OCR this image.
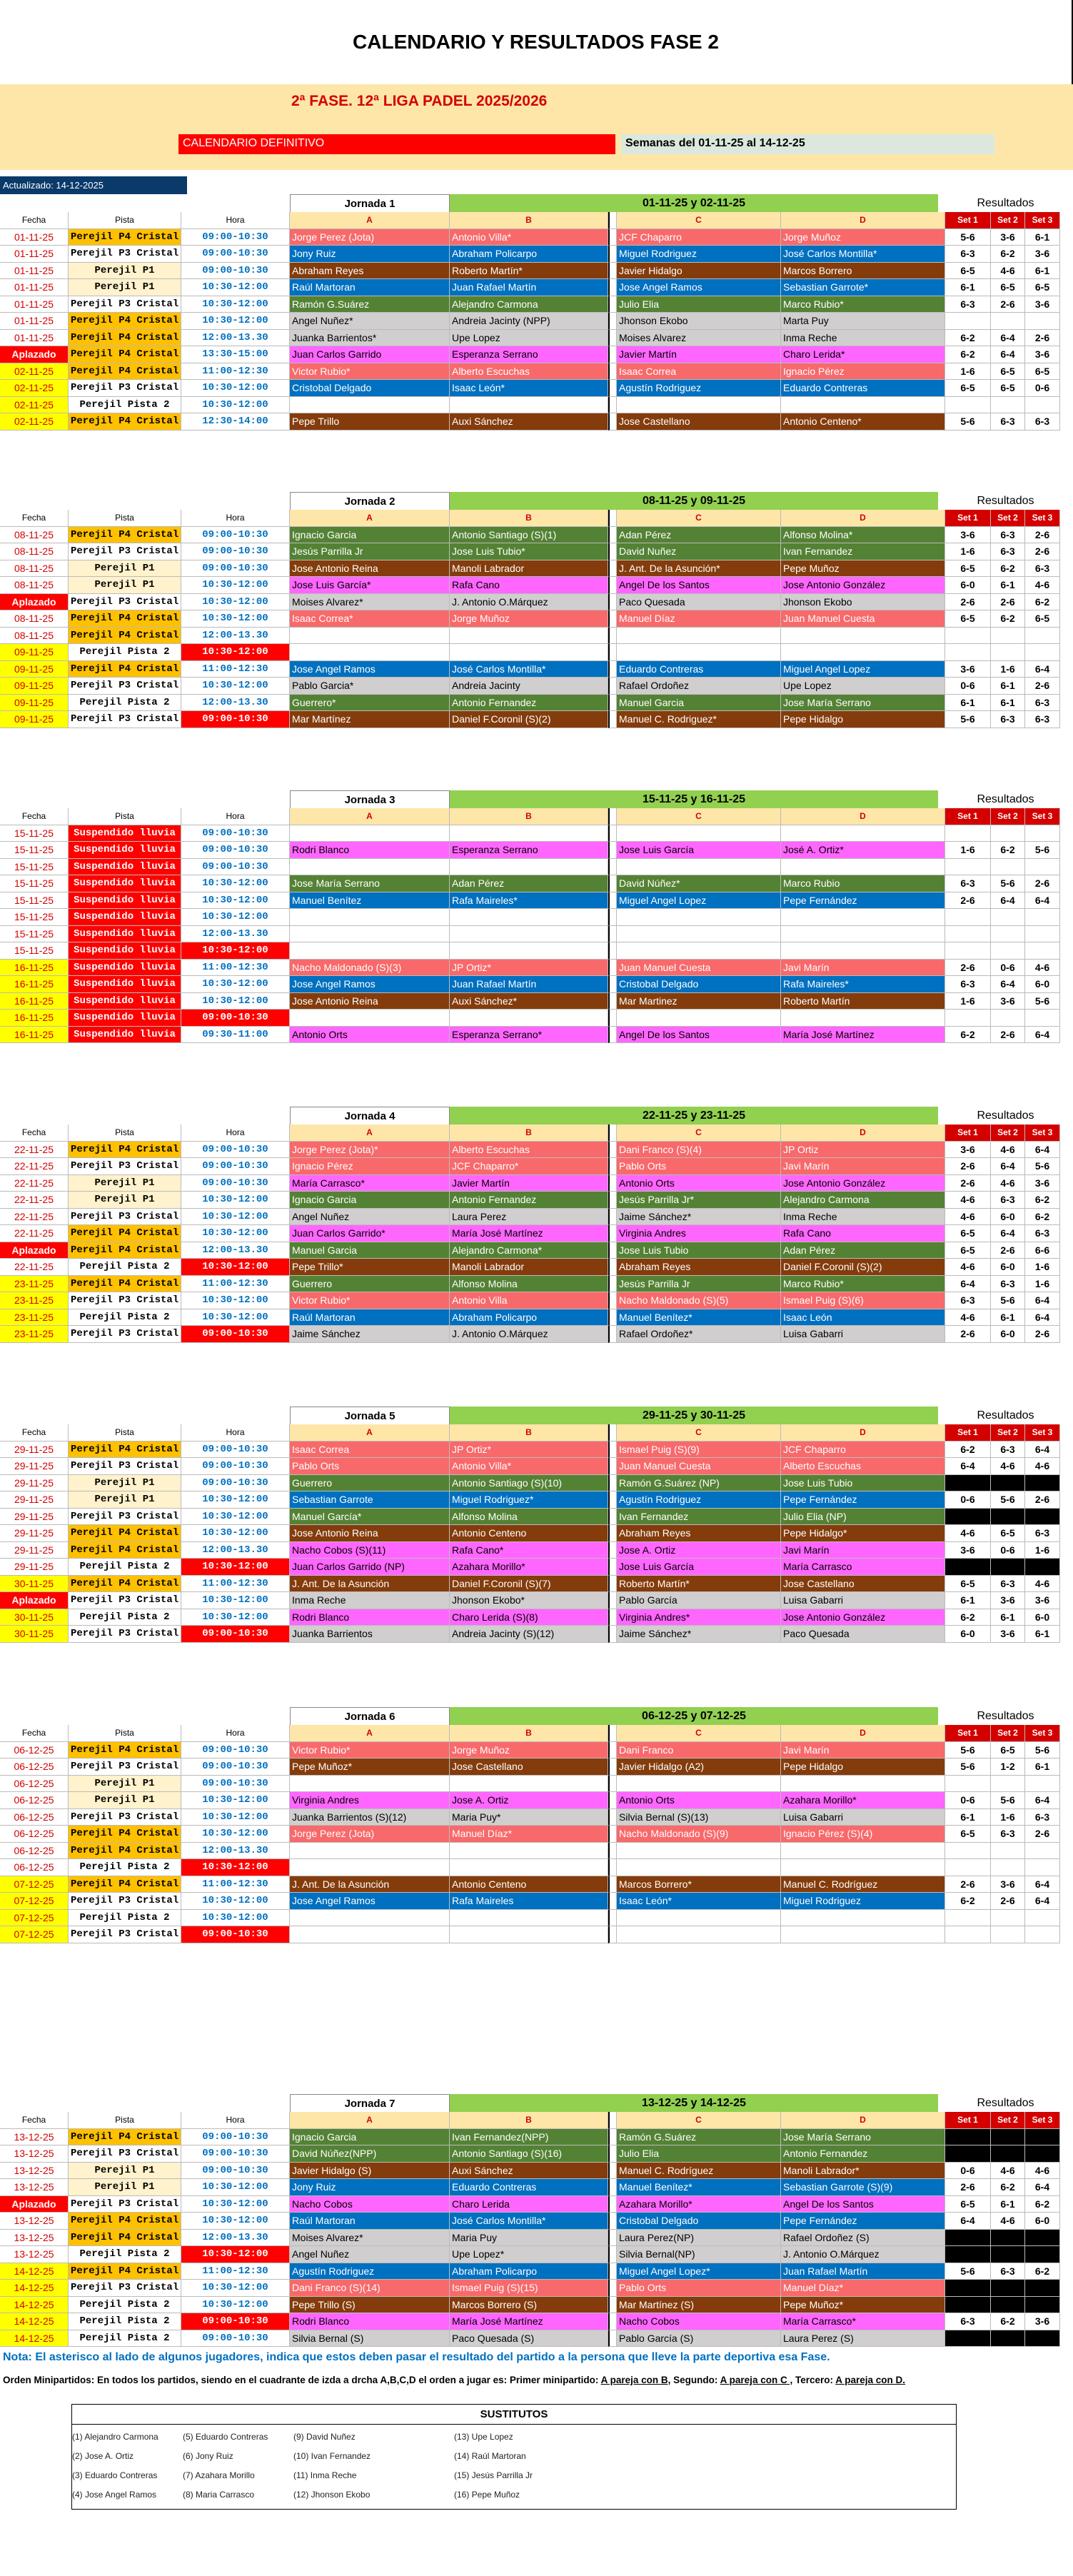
CALENDARIO Y RESULTADOS FASE 2
2ª FASE. 12ª LIGA PADEL 2025/2026
CALENDARIO DEFINITIVO	Semanas del 01-11-25 al 14-12-25
Jornada 1	01-11-25 y 02-11-25	Resultados
Fecha	Pista	Hora	A	B	C	D	Set 1	Set 2	Set 3
01-11-25	Perejil P4 Cristal	09:00-10:30	Jorge Perez (Jota)	Antonio Villa*	JCF Chaparro	Jorge Muñoz	5-6	3-6	6-1
01-11-25	Perejil P3 Cristal	09:00-10:30	Jony Ruiz	Abraham Policarpo	Miguel Rodriguez	José Carlos Montilla*	6-3	6-2	3-6
01-11-25	Perejil P1	09:00-10:30	Abraham Reyes	Roberto Martín*	Javier Hidalgo	Marcos Borrero	6-5	4-6	6-1
01-11-25	Perejil P1	10:30-12:00	Raúl Martoran	Juan Rafael Martín	Jose Angel Ramos	Sebastian Garrote*	6-1	6-5	6-5
01-11-25	Perejil P3 Cristal	10:30-12:00	Ramón G.Suárez	Alejandro Carmona	Julio Elia	Marco Rubio*	6-3	2-6	3-6
01-11-25	Perejil P4 Cristal	10:30-12:00	Angel Nuñez*	Andreia Jacinty (NPP)	Jhonson Ekobo	Marta Puy
01-11-25	Perejil P4 Cristal	12:00-13.30	Juanka Barrientos*	Upe Lopez	Moises Alvarez	Inma Reche	6-2	6-4	2-6
Aplazado	Perejil P4 Cristal	13:30-15:00	Juan Carlos Garrido	Esperanza Serrano	Javier Martín	Charo Lerida*	6-2	6-4	3-6
02-11-25	Perejil P4 Cristal	11:00-12:30	Victor Rubio*	Alberto Escuchas	Isaac Correa	Ignacio Pérez	1-6	6-5	6-5
02-11-25	Perejil P3 Cristal	10:30-12:00	Cristobal Delgado	Isaac León*	Agustín Rodriguez	Eduardo Contreras	6-5	6-5	0-6
02-11-25	Perejil Pista 2	10:30-12:00
02-11-25	Perejil P4 Cristal	12:30-14:00	Pepe Trillo	Auxi Sánchez	Jose Castellano	Antonio Centeno*	5-6	6-3	6-3
Jornada 2	08-11-25 y 09-11-25	Resultados
Fecha	Pista	Hora	A	B	C	D	Set 1	Set 2	Set 3
08-11-25	Perejil P4 Cristal	09:00-10:30	Ignacio Garcia	Antonio Santiago (S)(1)	Adan Pérez	Alfonso Molina*	3-6	6-3	2-6
08-11-25	Perejil P3 Cristal	09:00-10:30	Jesús Parrilla Jr	Jose Luis Tubio*	David Nuñez	Ivan Fernandez	1-6	6-3	2-6
08-11-25	Perejil P1	09:00-10:30	Jose Antonio Reina	Manoli Labrador	J. Ant. De la Asunción*	Pepe Muñoz	6-5	6-2	6-3
08-11-25	Perejil P1	10:30-12:00	Jose Luis García*	Rafa Cano	Angel De los Santos	Jose Antonio González	6-0	6-1	4-6
Aplazado	Perejil P3 Cristal	10:30-12:00	Moises Alvarez*	J. Antonio O.Márquez	Paco Quesada	Jhonson Ekobo	2-6	2-6	6-2
08-11-25	Perejil P4 Cristal	10:30-12:00	Isaac Correa*	Jorge Muñoz	Manuel Díaz	Juan Manuel Cuesta	6-5	6-2	6-5
08-11-25	Perejil P4 Cristal	12:00-13.30
09-11-25	Perejil Pista 2	10:30-12:00
09-11-25	Perejil P4 Cristal	11:00-12:30	Jose Angel Ramos	José Carlos Montilla*	Eduardo Contreras	Miguel Angel Lopez	3-6	1-6	6-4
09-11-25	Perejil P3 Cristal	10:30-12:00	Pablo Garcia*	Andreia Jacinty	Rafael Ordoñez	Upe Lopez	0-6	6-1	2-6
09-11-25	Perejil Pista 2	12:00-13.30	Guerrero*	Antonio Fernandez	Manuel Garcia	Jose María Serrano	6-1	6-1	6-3
09-11-25	Perejil P3 Cristal	09:00-10:30	Mar Martínez	Daniel F.Coronil (S)(2)	Manuel C. Rodriguez*	Pepe Hidalgo	5-6	6-3	6-3
Jornada 3	15-11-25 y 16-11-25	Resultados
Fecha	Pista	Hora	A	B	C	D	Set 1	Set 2	Set 3
15-11-25	Suspendido lluvia	09:00-10:30
15-11-25	Suspendido lluvia	09:00-10:30	Rodri Blanco	Esperanza Serrano	Jose Luis García	José A. Ortiz*	1-6	6-2	5-6
15-11-25	Suspendido lluvia	09:00-10:30
15-11-25	Suspendido lluvia	10:30-12:00	Jose María Serrano	Adan Pérez	David Núñez*	Marco Rubio	6-3	5-6	2-6
15-11-25	Suspendido lluvia	10:30-12:00	Manuel Benítez	Rafa Maireles*	Miguel Angel Lopez	Pepe Fernández	2-6	6-4	6-4
15-11-25	Suspendido lluvia	10:30-12:00
15-11-25	Suspendido lluvia	12:00-13.30
15-11-25	Suspendido lluvia	10:30-12:00
16-11-25	Suspendido lluvia	11:00-12:30	Nacho Maldonado (S)(3)	JP Ortiz*	Juan Manuel Cuesta	Javi Marín	2-6	0-6	4-6
16-11-25	Suspendido lluvia	10:30-12:00	Jose Angel Ramos	Juan Rafael Martín	Cristobal Delgado	Rafa Maireles*	6-3	6-4	6-0
16-11-25	Suspendido lluvia	10:30-12:00	Jose Antonio Reina	Auxi Sánchez*	Mar Martinez	Roberto Martín	1-6	3-6	5-6
16-11-25	Suspendido lluvia	09:00-10:30
16-11-25	Suspendido lluvia	09:30-11:00	Antonio Orts	Esperanza Serrano*	Angel De los Santos	María José Martínez	6-2	2-6	6-4
Jornada 4	22-11-25 y 23-11-25	Resultados
Fecha	Pista	Hora	A	B	C	D	Set 1	Set 2	Set 3
22-11-25	Perejil P4 Cristal	09:00-10:30	Jorge Perez (Jota)*	Alberto Escuchas	Dani Franco (S)(4)	JP Ortiz	3-6	4-6	6-4
22-11-25	Perejil P3 Cristal	09:00-10:30	Ignacio Pérez	JCF Chaparro*	Pablo Orts	Javi Marín	2-6	6-4	5-6
22-11-25	Perejil P1	09:00-10:30	María Carrasco*	Javier Martín	Antonio Orts	Jose Antonio González	2-6	4-6	3-6
22-11-25	Perejil P1	10:30-12:00	Ignacio Garcia	Antonio Fernandez	Jesús Parrilla Jr*	Alejandro Carmona	4-6	6-3	6-2
22-11-25	Perejil P3 Cristal	10:30-12:00	Angel Nuñez	Laura Perez	Jaime Sánchez*	Inma Reche	4-6	6-0	6-2
22-11-25	Perejil P4 Cristal	10:30-12:00	Juan Carlos Garrido*	María José Martínez	Virginia Andres	Rafa Cano	6-5	6-4	6-3
Aplazado	Perejil P4 Cristal	12:00-13.30	Manuel Garcia	Alejandro Carmona*	Jose Luis Tubio	Adan Pérez	6-5	2-6	6-6
22-11-25	Perejil Pista 2	10:30-12:00	Pepe Trillo*	Manoli Labrador	Abraham Reyes	Daniel F.Coronil (S)(2)	4-6	6-0	1-6
23-11-25	Perejil P4 Cristal	11:00-12:30	Guerrero	Alfonso Molina	Jesús Parrilla Jr	Marco Rubio*	6-4	6-3	1-6
23-11-25	Perejil P3 Cristal	10:30-12:00	Victor Rubio*	Antonio Villa	Nacho Maldonado (S)(5)	Ismael Puig (S)(6)	6-3	5-6	6-4
23-11-25	Perejil Pista 2	10:30-12:00	Raúl Martoran	Abraham Policarpo	Manuel Benítez*	Isaac León	4-6	6-1	6-4
23-11-25	Perejil P3 Cristal	09:00-10:30	Jaime Sánchez	J. Antonio O.Márquez	Rafael Ordoñez*	Luisa Gabarri	2-6	6-0	2-6
Jornada 5	29-11-25 y 30-11-25	Resultados
Fecha	Pista	Hora	A	B	C	D	Set 1	Set 2	Set 3
29-11-25	Perejil P4 Cristal	09:00-10:30	Isaac Correa	JP Ortiz*	Ismael Puig (S)(9)	JCF Chaparro	6-2	6-3	6-4
29-11-25	Perejil P3 Cristal	09:00-10:30	Pablo Orts	Antonio Villa*	Juan Manuel Cuesta	Alberto Escuchas	6-4	4-6	4-6
29-11-25	Perejil P1	09:00-10:30	Guerrero	Antonio Santiago (S)(10)	Ramón G.Suárez (NP)	Jose Luis Tubio
29-11-25	Perejil P1	10:30-12:00	Sebastian Garrote	Miguel Rodriguez*	Agustín Rodriguez	Pepe Fernández	0-6	5-6	2-6
29-11-25	Perejil P3 Cristal	10:30-12:00	Manuel García*	Alfonso Molina	Ivan Fernandez	Julio Elia (NP)
29-11-25	Perejil P4 Cristal	10:30-12:00	Jose Antonio Reina	Antonio Centeno	Abraham Reyes	Pepe Hidalgo*	4-6	6-5	6-3
29-11-25	Perejil P4 Cristal	12:00-13.30	Nacho Cobos (S)(11)	Rafa Cano*	Jose A. Ortiz	Javi Marín	3-6	0-6	1-6
29-11-25	Perejil Pista 2	10:30-12:00	Juan Carlos Garrido (NP)	Azahara Morillo*	Jose Luis García	María Carrasco
30-11-25	Perejil P4 Cristal	11:00-12:30	J. Ant. De la Asunción	Daniel F.Coronil (S)(7)	Roberto Martín*	Jose Castellano	6-5	6-3	4-6
Aplazado	Perejil P3 Cristal	10:30-12:00	Inma Reche	Jhonson Ekobo*	Pablo García	Luisa Gabarri	6-1	3-6	3-6
30-11-25	Perejil Pista 2	10:30-12:00	Rodri Blanco	Charo Lerida (S)(8)	Virginia Andres*	Jose Antonio González	6-2	6-1	6-0
30-11-25	Perejil P3 Cristal	09:00-10:30	Juanka Barrientos	Andreia Jacinty (S)(12)	Jaime Sánchez*	Paco Quesada	6-0	3-6	6-1
Jornada 6	06-12-25 y 07-12-25	Resultados
Fecha	Pista	Hora	A	B	C	D	Set 1	Set 2	Set 3
06-12-25	Perejil P4 Cristal	09:00-10:30	Victor Rubio*	Jorge Muñoz	Dani Franco	Javi Marín	5-6	6-5	5-6
06-12-25	Perejil P3 Cristal	09:00-10:30	Pepe Muñoz*	Jose Castellano	Javier Hidalgo (A2)	Pepe Hidalgo	5-6	1-2	6-1
06-12-25	Perejil P1	09:00-10:30
06-12-25	Perejil P1	10:30-12:00	Virginia Andres	Jose A. Ortiz	Antonio Orts	Azahara Morillo*	0-6	5-6	6-4
06-12-25	Perejil P3 Cristal	10:30-12:00	Juanka Barrientos (S)(12)	Maria Puy*	Silvia Bernal (S)(13)	Luisa Gabarri	6-1	1-6	6-3
06-12-25	Perejil P4 Cristal	10:30-12:00	Jorge Perez (Jota)	Manuel Díaz*	Nacho Maldonado (S)(9)	Ignacio Pérez (S)(4)	6-5	6-3	2-6
06-12-25	Perejil P4 Cristal	12:00-13.30
06-12-25	Perejil Pista 2	10:30-12:00
07-12-25	Perejil P4 Cristal	11:00-12:30	J. Ant. De la Asunción	Antonio Centeno	Marcos Borrero*	Manuel C. Rodríguez	2-6	3-6	6-4
07-12-25	Perejil P3 Cristal	10:30-12:00	Jose Angel Ramos	Rafa Maireles	Isaac León*	Miguel Rodriguez	6-2	2-6	6-4
07-12-25	Perejil Pista 2	10:30-12:00
07-12-25	Perejil P3 Cristal	09:00-10:30
Jornada 7	13-12-25 y 14-12-25	Resultados
Fecha	Pista	Hora	A	B	C	D	Set 1	Set 2	Set 3
13-12-25	Perejil P4 Cristal	09:00-10:30	Ignacio Garcia	Ivan Fernandez(NPP)	Ramón G.Suárez	Jose María Serrano
13-12-25	Perejil P3 Cristal	09:00-10:30	David Núñez(NPP)	Antonio Santiago (S)(16)	Julio Elia	Antonio Fernandez
13-12-25	Perejil P1	09:00-10:30	Javier Hidalgo (S)	Auxi Sánchez	Manuel C. Rodríguez	Manoli Labrador*	0-6	4-6	4-6
13-12-25	Perejil P1	10:30-12:00	Jony Ruiz	Eduardo Contreras	Manuel Benítez*	Sebastian Garrote (S)(9)	2-6	6-2	6-4
Aplazado	Perejil P3 Cristal	10:30-12:00	Nacho Cobos	Charo Lerida	Azahara Morillo*	Angel De los Santos	6-5	6-1	6-2
13-12-25	Perejil P4 Cristal	10:30-12:00	Raúl Martoran	José Carlos Montilla*	Cristobal Delgado	Pepe Fernández	6-4	4-6	6-0
13-12-25	Perejil P4 Cristal	12:00-13.30	Moises Alvarez*	Maria Puy	Laura Perez(NP)	Rafael Ordoñez (S)
13-12-25	Perejil Pista 2	10:30-12:00	Angel Nuñez	Upe Lopez*	Silvia Bernal(NP)	J. Antonio O.Márquez
14-12-25	Perejil P4 Cristal	11:00-12:30	Agustín Rodriguez	Abraham Policarpo	Miguel Angel Lopez*	Juan Rafael Martín	5-6	6-3	6-2
14-12-25	Perejil P3 Cristal	10:30-12:00	Dani Franco (S)(14)	Ismael Puig (S)(15)	Pablo Orts	Manuel Díaz*
14-12-25	Perejil Pista 2	10:30-12:00	Pepe Trillo (S)	Marcos Borrero (S)	Mar Martínez (S)	Pepe Muñoz*
14-12-25	Perejil Pista 2	09:00-10:30	Rodri Blanco	María José Martínez	Nacho Cobos	María Carrasco*	6-3	6-2	3-6
14-12-25	Perejil Pista 2	09:00-10:30	Silvia Bernal (S)	Paco Quesada (S)	Pablo García (S)	Laura Perez (S)
Actualizado: 14-12-2025
Nota: El asterisco al lado de algunos jugadores, indica que estos deben pasar el resultado del partido a la persona que lleve la parte deportiva esa Fase.
Orden Minipartidos: En todos los partidos, siendo en el cuadrante de izda a drcha A,B,C,D el orden a jugar es: Primer minipartido: A pareja con B, Segundo: A pareja con C , Tercero: A pareja con D.
SUSTITUTOS
(1) Alejandro Carmona
(2) Jose A. Ortiz
(3) Eduardo Contreras
(4) Jose Angel Ramos
(5) Eduardo Contreras
(6) Jony Ruiz
(7) Azahara Morillo
(8) Maria Carrasco
(9) David Nuñez
(10) Ivan Fernandez
(11) Inma Reche
(12) Jhonson Ekobo
(13) Upe Lopez
(14) Raúl Martoran
(15) Jesús Parrilla Jr
(16) Pepe Muñoz
